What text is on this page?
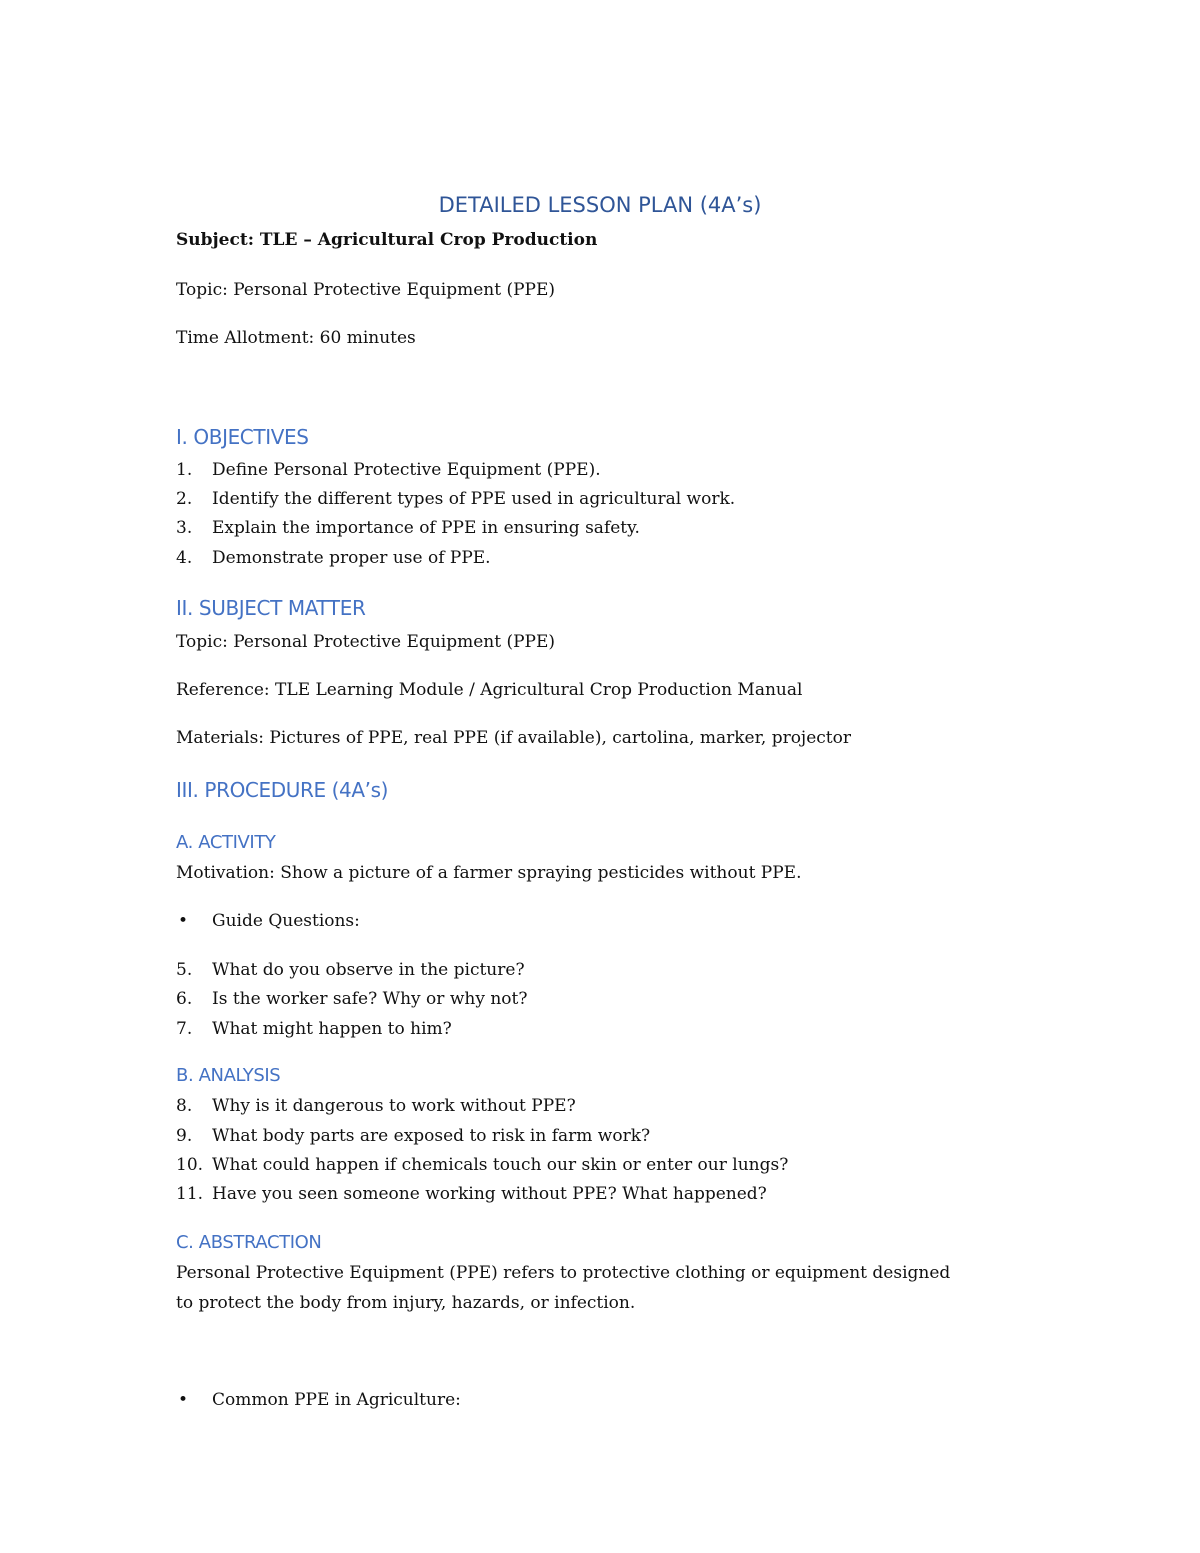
DETAILED LESSON PLAN (4A’s)
Subject: TLE – Agricultural Crop Production
Topic: Personal Protective Equipment (PPE)
Time Allotment: 60 minutes
I. OBJECTIVES
1. Define Personal Protective Equipment (PPE).
2. Identify the different types of PPE used in agricultural work.
3. Explain the importance of PPE in ensuring safety.
4. Demonstrate proper use of PPE.
II. SUBJECT MATTER
Topic: Personal Protective Equipment (PPE)
Reference: TLE Learning Module / Agricultural Crop Production Manual
Materials: Pictures of PPE, real PPE (if available), cartolina, marker, projector
III. PROCEDURE (4A’s)
A. ACTIVITY
Motivation: Show a picture of a farmer spraying pesticides without PPE.
• Guide Questions:
5. What do you observe in the picture?
6. Is the worker safe? Why or why not?
7. What might happen to him?
B. ANALYSIS
8. Why is it dangerous to work without PPE?
9. What body parts are exposed to risk in farm work?
10. What could happen if chemicals touch our skin or enter our lungs?
11. Have you seen someone working without PPE? What happened?
C. ABSTRACTION
Personal Protective Equipment (PPE) refers to protective clothing or equipment designed
to protect the body from injury, hazards, or infection.
• Common PPE in Agriculture:
